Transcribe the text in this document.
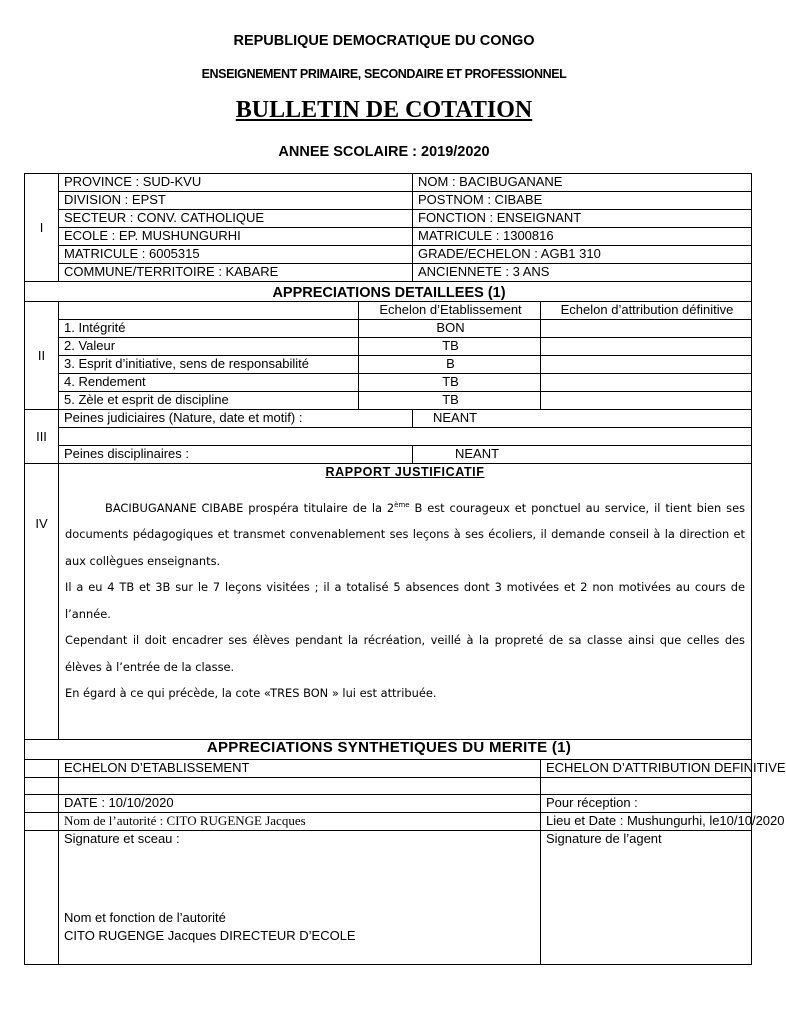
REPUBLIQUE DEMOCRATIQUE DU CONGO
ENSEIGNEMENT PRIMAIRE, SECONDAIRE ET PROFESSIONNEL
BULLETIN DE COTATION
ANNEE SCOLAIRE : 2019/2020
I	PROVINCE : SUD-KVU		NOM : BACIBUGANANE	
	DIVISION : EPST		POSTNOM : CIBABE	
	SECTEUR : CONV. CATHOLIQUE		FONCTION : ENSEIGNANT	
	ECOLE : EP. MUSHUNGURHI		MATRICULE : 1300816	
	MATRICULE : 6005315		GRADE/ECHELON : AGB1 310	
	COMMUNE/TERRITOIRE : KABARE		ANCIENNETE : 3 ANS	
APPRECIATIONS DETAILLEES (1)				
II		Echelon d’Etablissement		Echelon d’attribution définitive
	1. Intégrité	BON		
	2. Valeur	TB		
	3. Esprit d’initiative, sens de responsabilité	B		
	4. Rendement	TB		
	5. Zèle et esprit de discipline	TB		
III	Peines judiciaires (Nature, date et motif) :		NEANT	

	Peines disciplinaires :		NEANT	
IV	RAPPORT JUSTIFICATIF

BACIBUGANANE CIBABE prospéra titulaire de la 2ème B est courageux et ponctuel au service, il tient bien ses documents pédagogiques et transmet convenablement ses leçons à ses écoliers, il demande conseil à la direction et aux collègues enseignants.

Il a eu 4 TB et 3B sur le 7 leçons visitées ; il a totalisé 5 absences dont 3 motivées et 2 non motivées au cours de l’année.

Cependant il doit encadrer ses élèves pendant la récréation, veillé à la propreté de sa classe ainsi que celles des élèves à l’entrée de la classe.

En égard à ce qui précède, la cote «TRES BON » lui est attribuée.			

APPRECIATIONS SYNTHETIQUES DU MERITE (1)				
	ECHELON D’ETABLISSEMENT			ECHELON D’ATTRIBUTION DEFINITIVE

	DATE : 10/10/2020			Pour réception :
	Nom de l’autorité : CITO RUGENGE Jacques			Lieu et Date : Mushungurhi, le10/10/2020

	Signature et sceau :
Nom et fonction de l’autorité
CITO RUGENGE Jacques DIRECTEUR D’ECOLE			Signature de l’agent
